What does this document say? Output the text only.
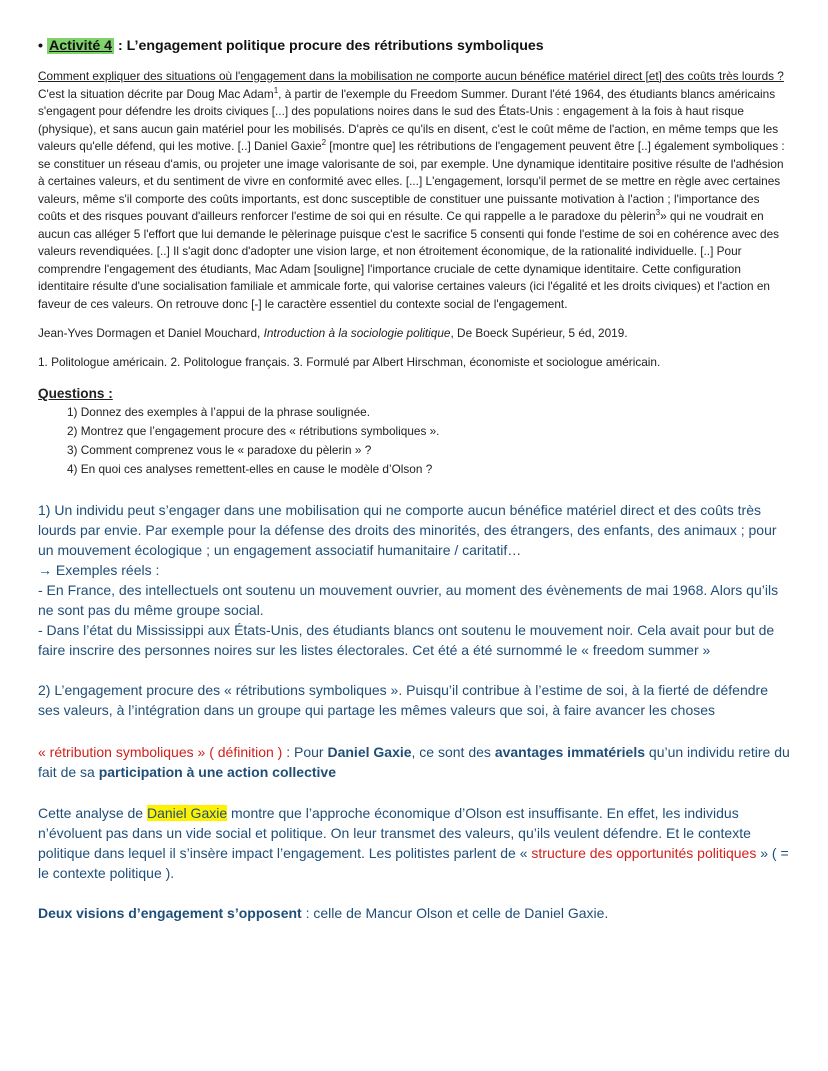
• Activité 4 : L’engagement politique procure des rétributions symboliques

Comment expliquer des situations où l'engagement dans la mobilisation ne comporte aucun bénéfice matériel direct [et] des coûts très lourds ? C'est la situation décrite par Doug Mac Adam$^1$, à partir de l'exemple du Freedom Summer. Durant l'été 1964, des étudiants blancs américains s'engagent pour défendre les droits civiques [...] des populations noires dans le sud des États-Unis : engagement à la fois à haut risque (physique), et sans aucun gain matériel pour les mobilisés. D'après ce qu'ils en disent, c'est le coût même de l'action, en même temps que les valeurs qu'elle défend, qui les motive. [..] Daniel Gaxie$^2$ [montre que] les rétributions de l'engagement peuvent être [..] également symboliques : se constituer un réseau d'amis, ou projeter une image valorisante de soi, par exemple. Une dynamique identitaire positive résulte de l'adhésion à certaines valeurs, et du sentiment de vivre en conformité avec elles. [...] L'engagement, lorsqu'il permet de se mettre en règle avec certaines valeurs, même s'il comporte des coûts importants, est donc susceptible de constituer une puissante motivation à l'action ; l'importance des coûts et des risques pouvant d'ailleurs renforcer l'estime de soi qui en résulte. Ce qui rappelle a le paradoxe du pèlerin$^3$» qui ne voudrait en aucun cas alléger 5 l'effort que lui demande le pèlerinage puisque c'est le sacrifice 5 consenti qui fonde l'estime de soi en cohérence avec des valeurs revendiquées. [..] Il s'agit donc d'adopter une vision large, et non étroitement économique, de la rationalité individuelle. [..] Pour comprendre l'engagement des étudiants, Mac Adam [souligne] l'importance cruciale de cette dynamique identitaire. Cette configuration identitaire résulte d'une socialisation familiale et ammicale forte, qui valorise certaines valeurs (ici l'égalité et les droits civiques) et l'action en faveur de ces valeurs. On retrouve donc [-] le caractère essentiel du contexte social de l'engagement.

Jean-Yves Dormagen et Daniel Mouchard, Introduction à la sociologie politique, De Boeck Supérieur, 5 éd, 2019.

1. Politologue américain. 2. Politologue français. 3. Formulé par Albert Hirschman, économiste et sociologue américain.

Questions :
1) Donnez des exemples à l’appui de la phrase soulignée.
2) Montrez que l’engagement procure des « rétributions symboliques ».
3) Comment comprenez vous le « paradoxe du pèlerin » ?
4) En quoi ces analyses remettent-elles en cause le modèle d’Olson ?

1) Un individu peut s’engager dans une mobilisation qui ne comporte aucun bénéfice matériel direct et des coûts très lourds par envie. Par exemple pour la défense des droits des minorités, des étrangers, des enfants, des animaux ; pour un mouvement écologique ; un engagement associatif humanitaire / caritatif…
→ Exemples réels :
- En France, des intellectuels ont soutenu un mouvement ouvrier, au moment des évènements de mai 1968. Alors qu’ils ne sont pas du même groupe social.
- Dans l’état du Mississippi aux États-Unis, des étudiants blancs ont soutenu le mouvement noir. Cela avait pour but de faire inscrire des personnes noires sur les listes électorales. Cet été a été surnommé le « freedom summer »

2) L’engagement procure des « rétributions symboliques ». Puisqu’il contribue à l’estime de soi, à la fierté de défendre ses valeurs, à l’intégration dans un groupe qui partage les mêmes valeurs que soi, à faire avancer les choses

« rétribution symboliques » ( définition ) : Pour Daniel Gaxie, ce sont des avantages immatériels qu’un individu retire du fait de sa participation à une action collective

Cette analyse de Daniel Gaxie montre que l’approche économique d’Olson est insuffisante. En effet, les individus n’évoluent pas dans un vide social et politique. On leur transmet des valeurs, qu’ils veulent défendre. Et le contexte politique dans lequel il s’insère impact l’engagement. Les politistes parlent de « structure des opportunités politiques » ( = le contexte politique ).

Deux visions d’engagement s’opposent : celle de Mancur Olson et celle de Daniel Gaxie.
